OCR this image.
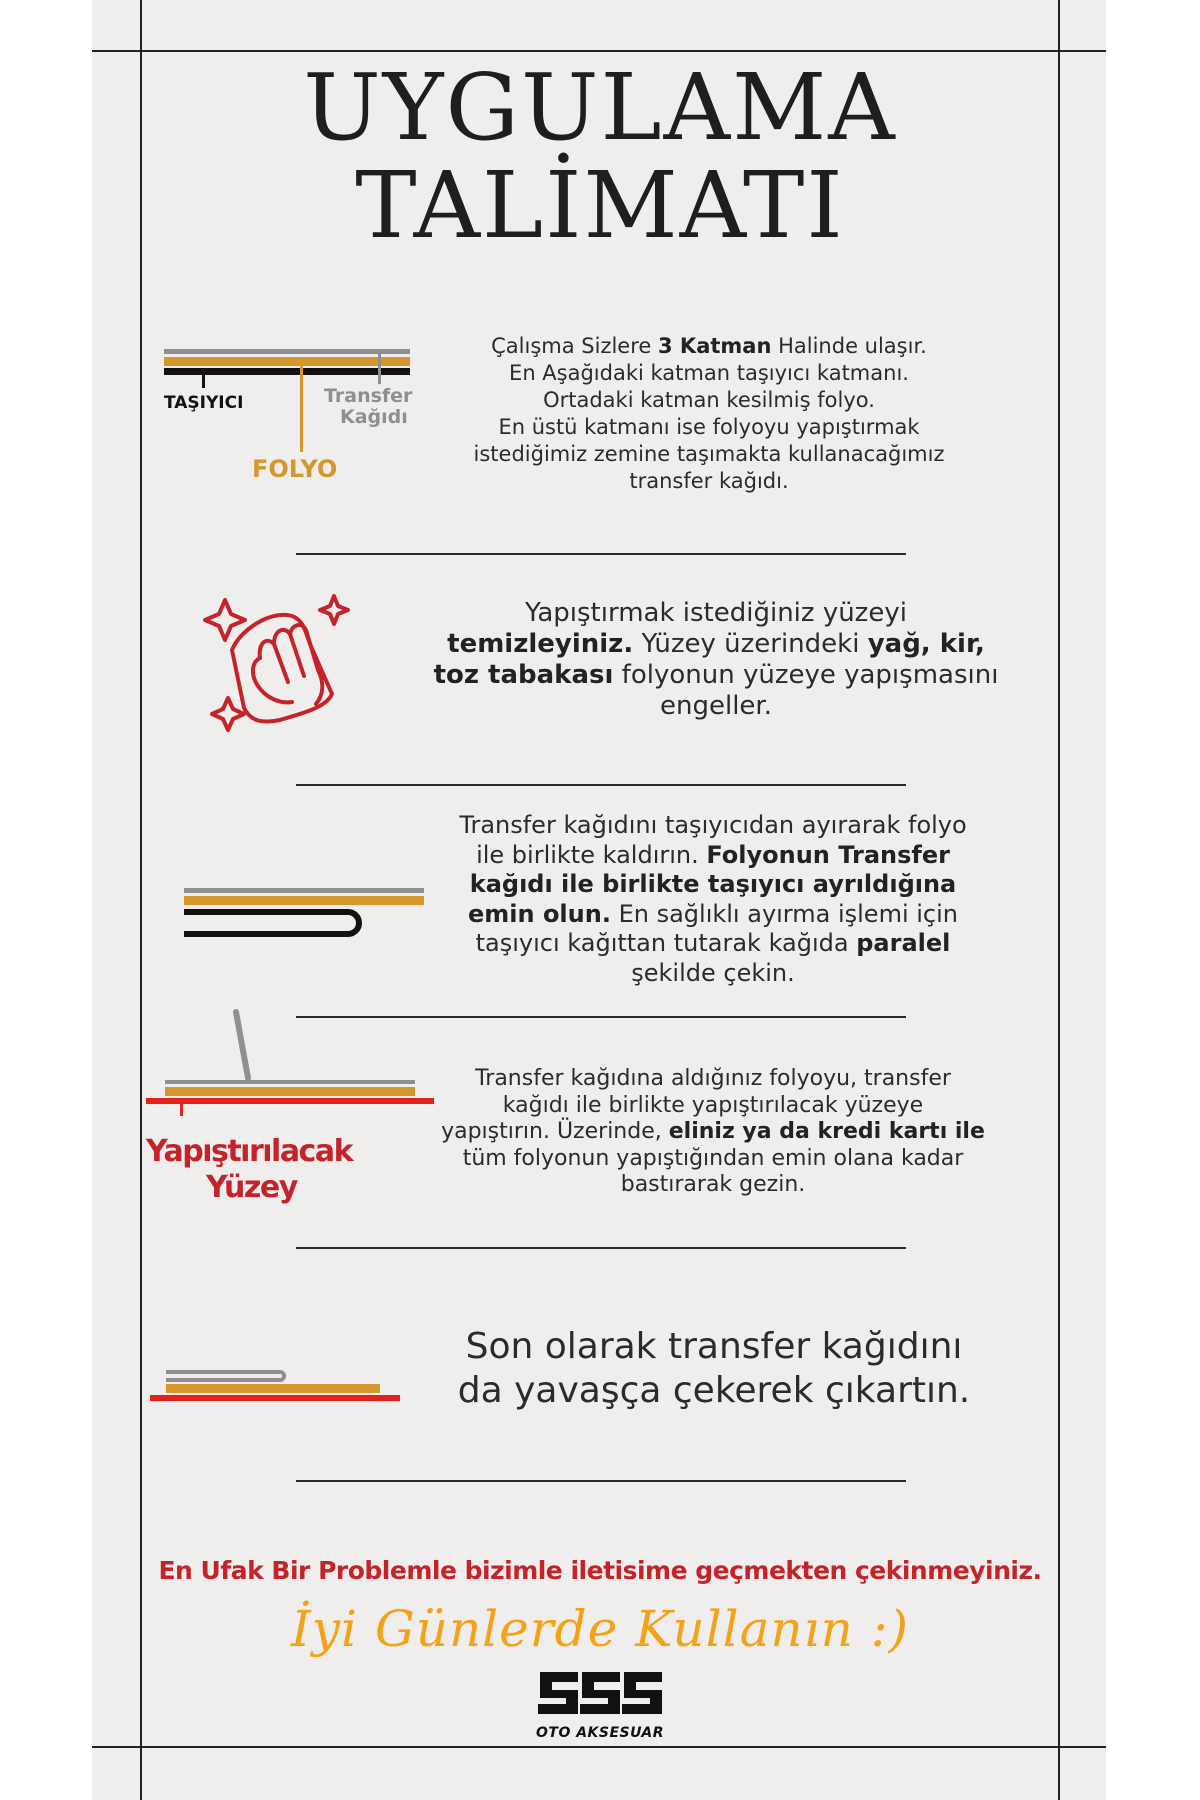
UYGULAMA
TALİMATI
TAŞIYICI
FOLYO
Transfer
Kağıdı
Çalışma Sizlere 3 Katman Halinde ulaşır.
En Aşağıdaki katman taşıyıcı katmanı.
Ortadaki katman kesilmiş folyo.
En üstü katmanı ise folyoyu yapıştırmak
istediğimiz zemine taşımakta kullanacağımız
transfer kağıdı.
Yapıştırmak istediğiniz yüzeyi
temizleyiniz. Yüzey üzerindeki yağ, kir,
toz tabakası folyonun yüzeye yapışmasını
engeller.
Transfer kağıdını taşıyıcıdan ayırarak folyo
ile birlikte kaldırın. Folyonun Transfer
kağıdı ile birlikte taşıyıcı ayrıldığına
emin olun. En sağlıklı ayırma işlemi için
taşıyıcı kağıttan tutarak kağıda paralel
şekilde çekin.
Yapıştırılacak
Yüzey
Transfer kağıdına aldığınız folyoyu, transfer
kağıdı ile birlikte yapıştırılacak yüzeye
yapıştırın. Üzerinde, eliniz ya da kredi kartı ile
tüm folyonun yapıştığından emin olana kadar
bastırarak gezin.
Son olarak transfer kağıdını
da yavaşça çekerek çıkartın.
En Ufak Bir Problemle bizimle iletisime geçmekten çekinmeyiniz.
İyi Günlerde Kullanın :)
OTO AKSESUAR
